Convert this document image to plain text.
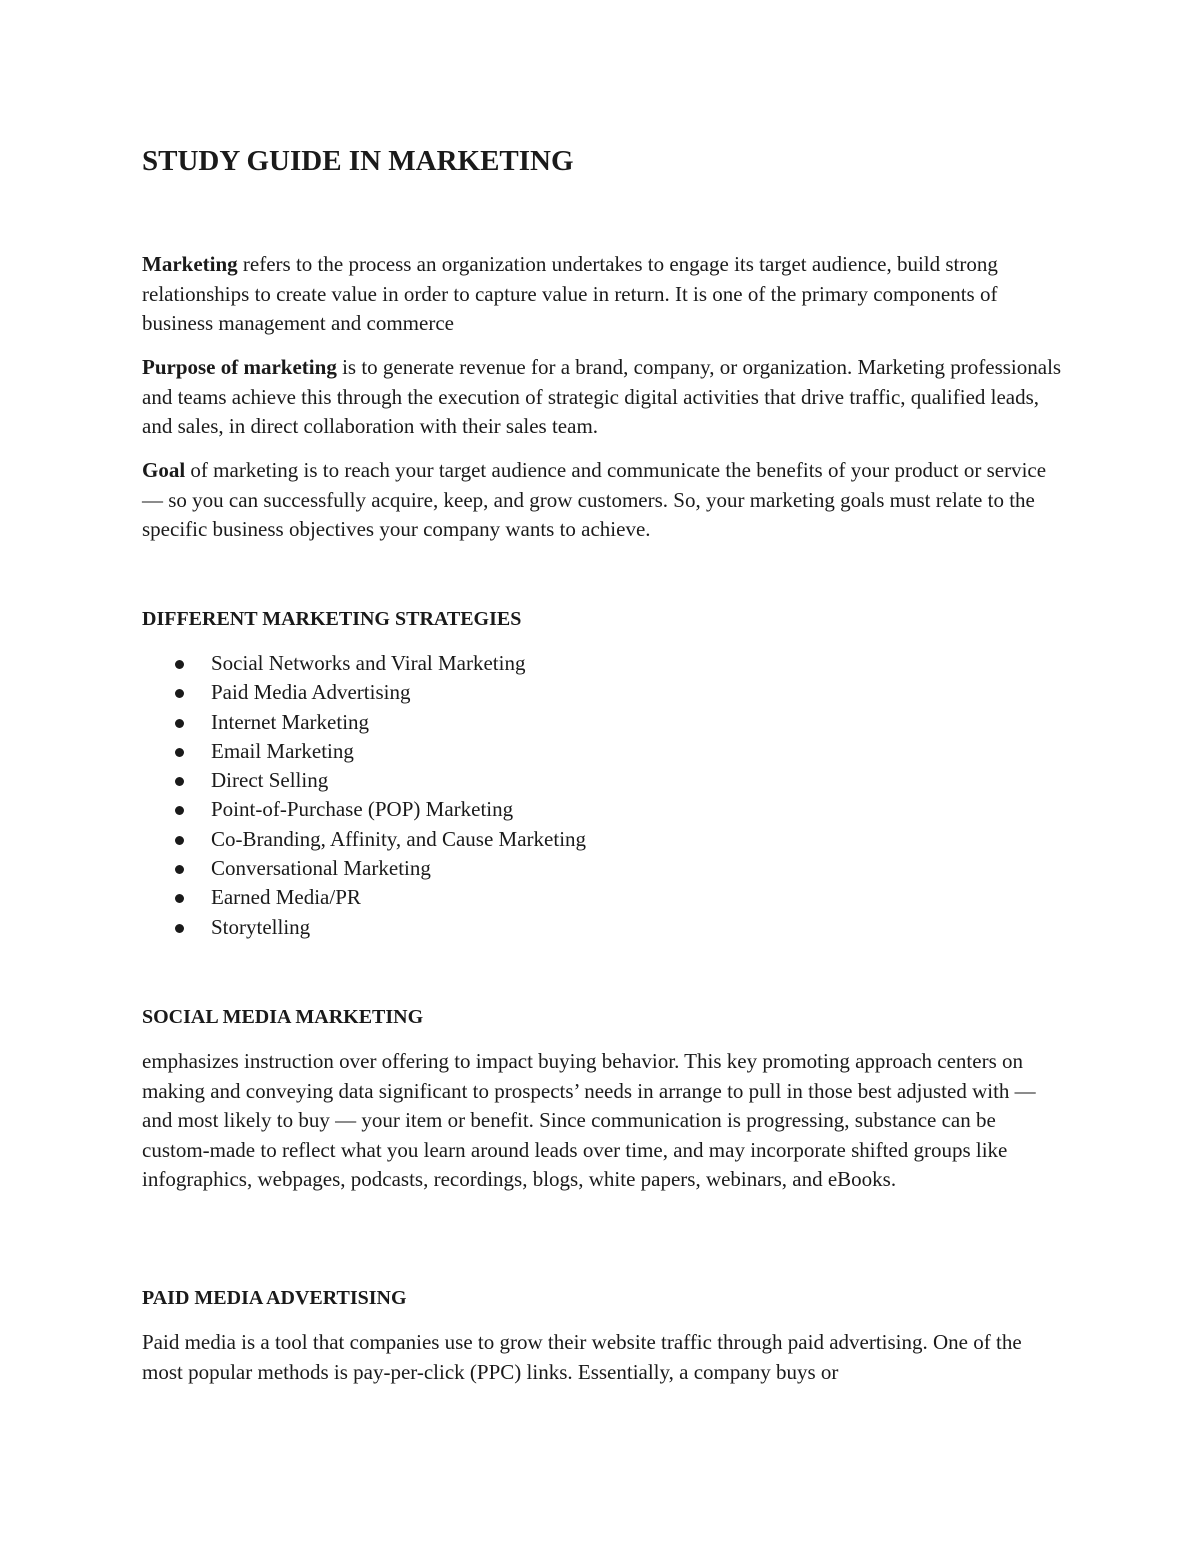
STUDY GUIDE IN MARKETING

Marketing refers to the process an organization undertakes to engage its target audience, build strong relationships to create value in order to capture value in return. It is one of the primary components of business management and commerce

Purpose of marketing is to generate revenue for a brand, company, or organization. Marketing professionals and teams achieve this through the execution of strategic digital activities that drive traffic, qualified leads, and sales, in direct collaboration with their sales team.

Goal of marketing is to reach your target audience and communicate the benefits of your product or service — so you can successfully acquire, keep, and grow customers. So, your marketing goals must relate to the specific business objectives your company wants to achieve.

DIFFERENT MARKETING STRATEGIES
Social Networks and Viral Marketing
Paid Media Advertising
Internet Marketing
Email Marketing
Direct Selling
Point-of-Purchase (POP) Marketing
Co-Branding, Affinity, and Cause Marketing
Conversational Marketing
Earned Media/PR
Storytelling
SOCIAL MEDIA MARKETING

emphasizes instruction over offering to impact buying behavior. This key promoting approach centers on making and conveying data significant to prospects’ needs in arrange to pull in those best adjusted with — and most likely to buy — your item or benefit. Since communication is progressing, substance can be custom-made to reflect what you learn around leads over time, and may incorporate shifted groups like infographics, webpages, podcasts, recordings, blogs, white papers, webinars, and eBooks.

PAID MEDIA ADVERTISING

Paid media is a tool that companies use to grow their website traffic through paid advertising. One of the most popular methods is pay-per-click (PPC) links. Essentially, a company buys or
